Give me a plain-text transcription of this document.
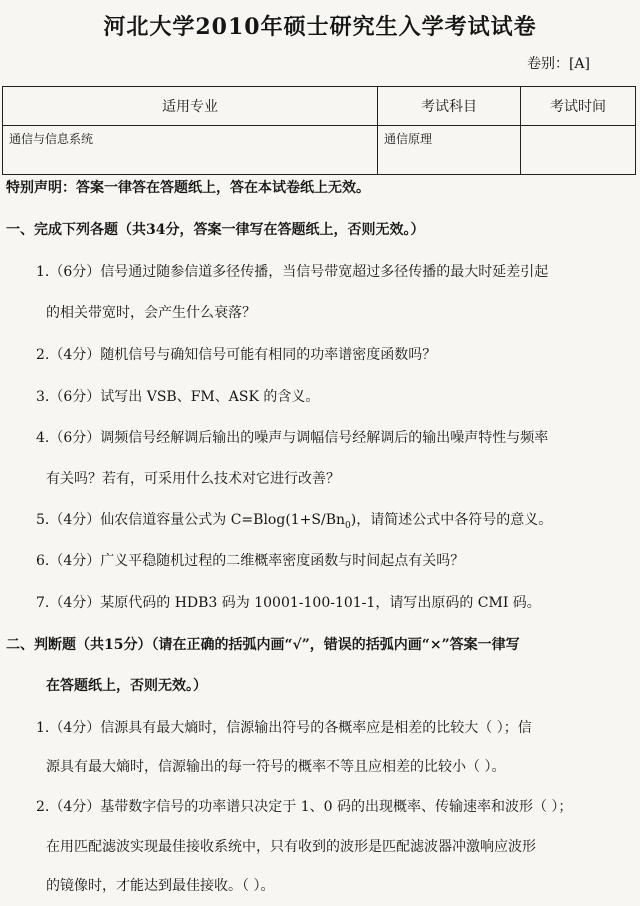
河北大学2010年硕士研究生入学考试试卷
卷别：[A]
适用专业	考试科目	考试时间
通信与信息系统	通信原理	
特别声明：答案一律答在答题纸上，答在本试卷纸上无效。
一、完成下列各题（共34分，答案一律写在答题纸上，否则无效。）
1.（6分）信号通过随参信道多径传播，当信号带宽超过多径传播的最大时延差引起
的相关带宽时，会产生什么衰落？
2.（4分）随机信号与确知信号可能有相同的功率谱密度函数吗？
3.（6分）试写出 VSB、FM、ASK 的含义。
4.（6分）调频信号经解调后输出的噪声与调幅信号经解调后的输出噪声特性与频率
有关吗？若有，可采用什么技术对它进行改善？
5.（4分）仙农信道容量公式为 $C=Blog(1+S/Bn_0)$，请简述公式中各符号的意义。
6.（4分）广义平稳随机过程的二维概率密度函数与时间起点有关吗？
7.（4分）某原代码的 HDB3 码为 10001-100-101-1，请写出原码的 CMI 码。
二、判断题（共15分）（请在正确的括弧内画“√”，错误的括弧内画“×”答案一律写
在答题纸上，否则无效。）
1.（4分）信源具有最大熵时，信源输出符号的各概率应是相差的比较大（ ）；信
源具有最大熵时，信源输出的每一符号的概率不等且应相差的比较小（ ）。
2.（4分）基带数字信号的功率谱只决定于 1、0 码的出现概率、传输速率和波形（ ）；
在用匹配滤波实现最佳接收系统中，只有收到的波形是匹配滤波器冲激响应波形
的镜像时，才能达到最佳接收。（ ）。
